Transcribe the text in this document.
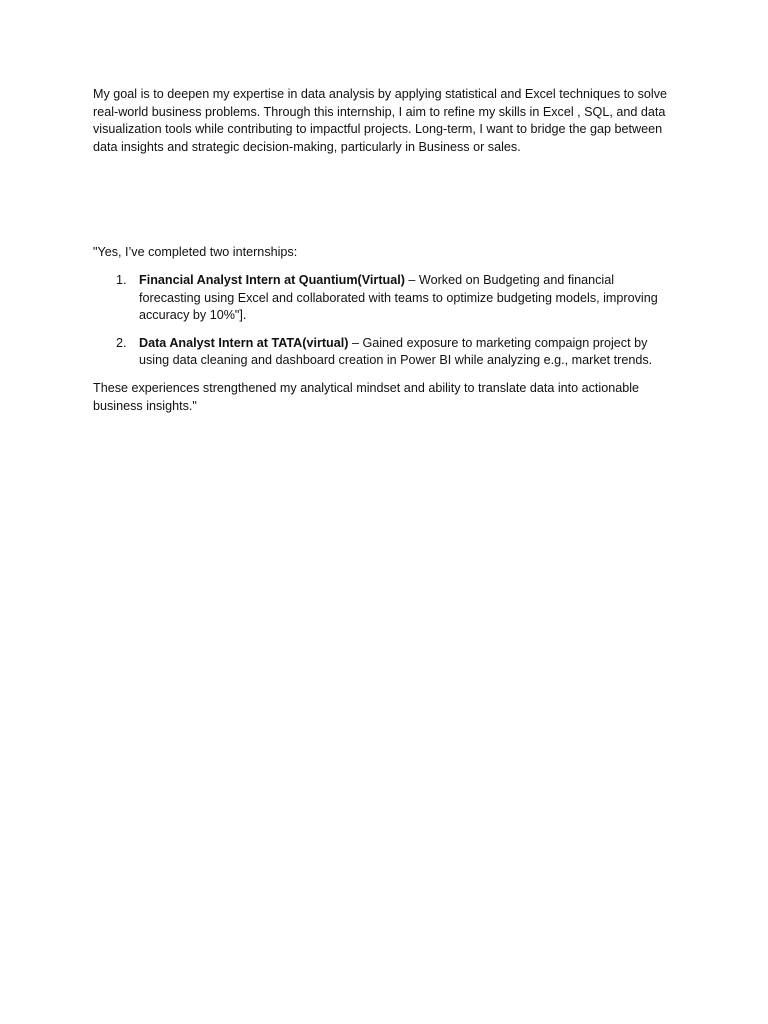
My goal is to deepen my expertise in data analysis by applying statistical and Excel techniques to solve real-world business problems. Through this internship, I aim to refine my skills in Excel , SQL, and data visualization tools while contributing to impactful projects. Long-term, I want to bridge the gap between data insights and strategic decision-making, particularly in Business or sales.

"Yes, I’ve completed two internships:

1. Financial Analyst Intern at Quantium(Virtual) – Worked on Budgeting and financial forecasting using Excel and collaborated with teams to optimize budgeting models, improving accuracy by 10%"].
2. Data Analyst Intern at TATA(virtual) – Gained exposure to marketing compaign project by using data cleaning and dashboard creation in Power BI while analyzing e.g., market trends.

These experiences strengthened my analytical mindset and ability to translate data into actionable business insights."
